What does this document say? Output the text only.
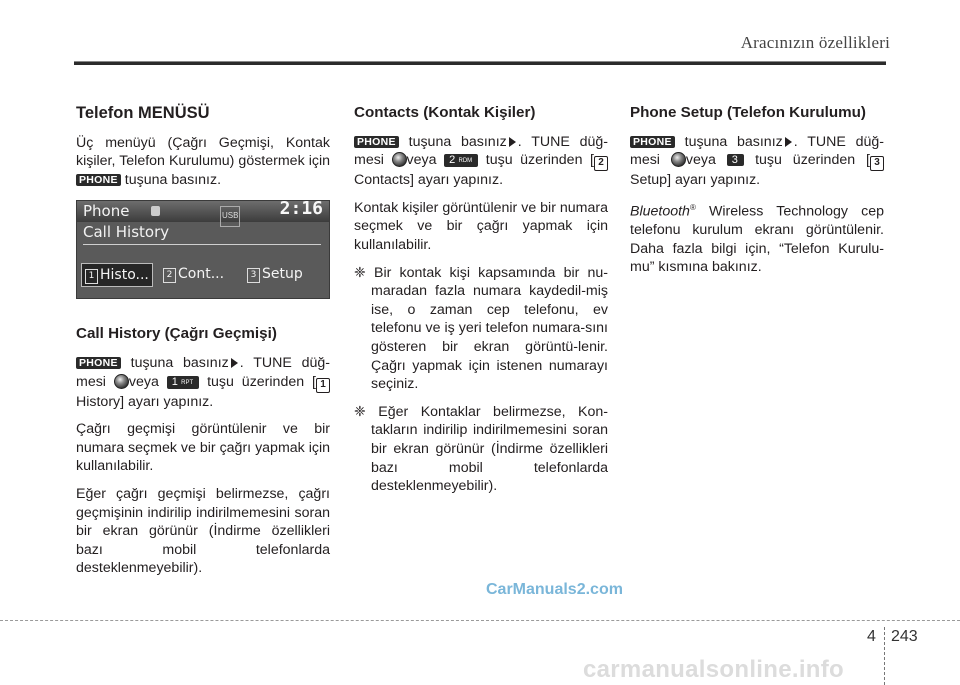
Aracınızın özellikleri
Telefon MENÜSÜ

Üç menüyü (Çağrı Geçmişi, Kontak kişiler, Telefon Kurulumu) göstermek için PHONE tuşuna basınız.

Phone	USB 2:16
Call History
1 Histo...	2 Cont...	3 Setup
Call History (Çağrı Geçmişi)

PHONE tuşuna basınız . TUNE düğ-mesi veya 1 RPT tuşu üzerinden [ 1 History] ayarı yapınız.

Çağrı geçmişi görüntülenir ve bir numara seçmek ve bir çağrı yapmak için kullanılabilir.

Eğer çağrı geçmişi belirmezse, çağrı geçmişinin indirilip indirilmemesini soran bir ekran görünür (İndirme özellikleri bazı mobil telefonlarda desteklenmeyebilir).

Contacts (Kontak Kişiler)

PHONE tuşuna basınız . TUNE düğ-mesi veya 2 RDM tuşu üzerinden [ 2 Contacts] ayarı yapınız.

Kontak kişiler görüntülenir ve bir numara seçmek ve bir çağrı yapmak için kullanılabilir.

❈ Bir kontak kişi kapsamında bir nu-maradan fazla numara kaydedil-miş ise, o zaman cep telefonu, ev telefonu ve iş yeri telefon numara-sını gösteren bir ekran görüntü-lenir. Çağrı yapmak için istenen numarayı seçiniz.

❈ Eğer Kontaklar belirmezse, Kon-takların indirilip indirilmemesini soran bir ekran görünür (İndirme özellikleri bazı mobil telefonlarda desteklenmeyebilir).

Phone Setup (Telefon Kurulumu)

PHONE tuşuna basınız . TUNE düğ-mesi veya 3 tuşu üzerinden [ 3 Setup] ayarı yapınız.

Bluetooth® Wireless Technology cep telefonu kurulum ekranı görüntülenir. Daha fazla bilgi için, “Telefon Kurulu-mu” kısmına bakınız.

CarManuals2.com
4 243
carmanualsonline.info
